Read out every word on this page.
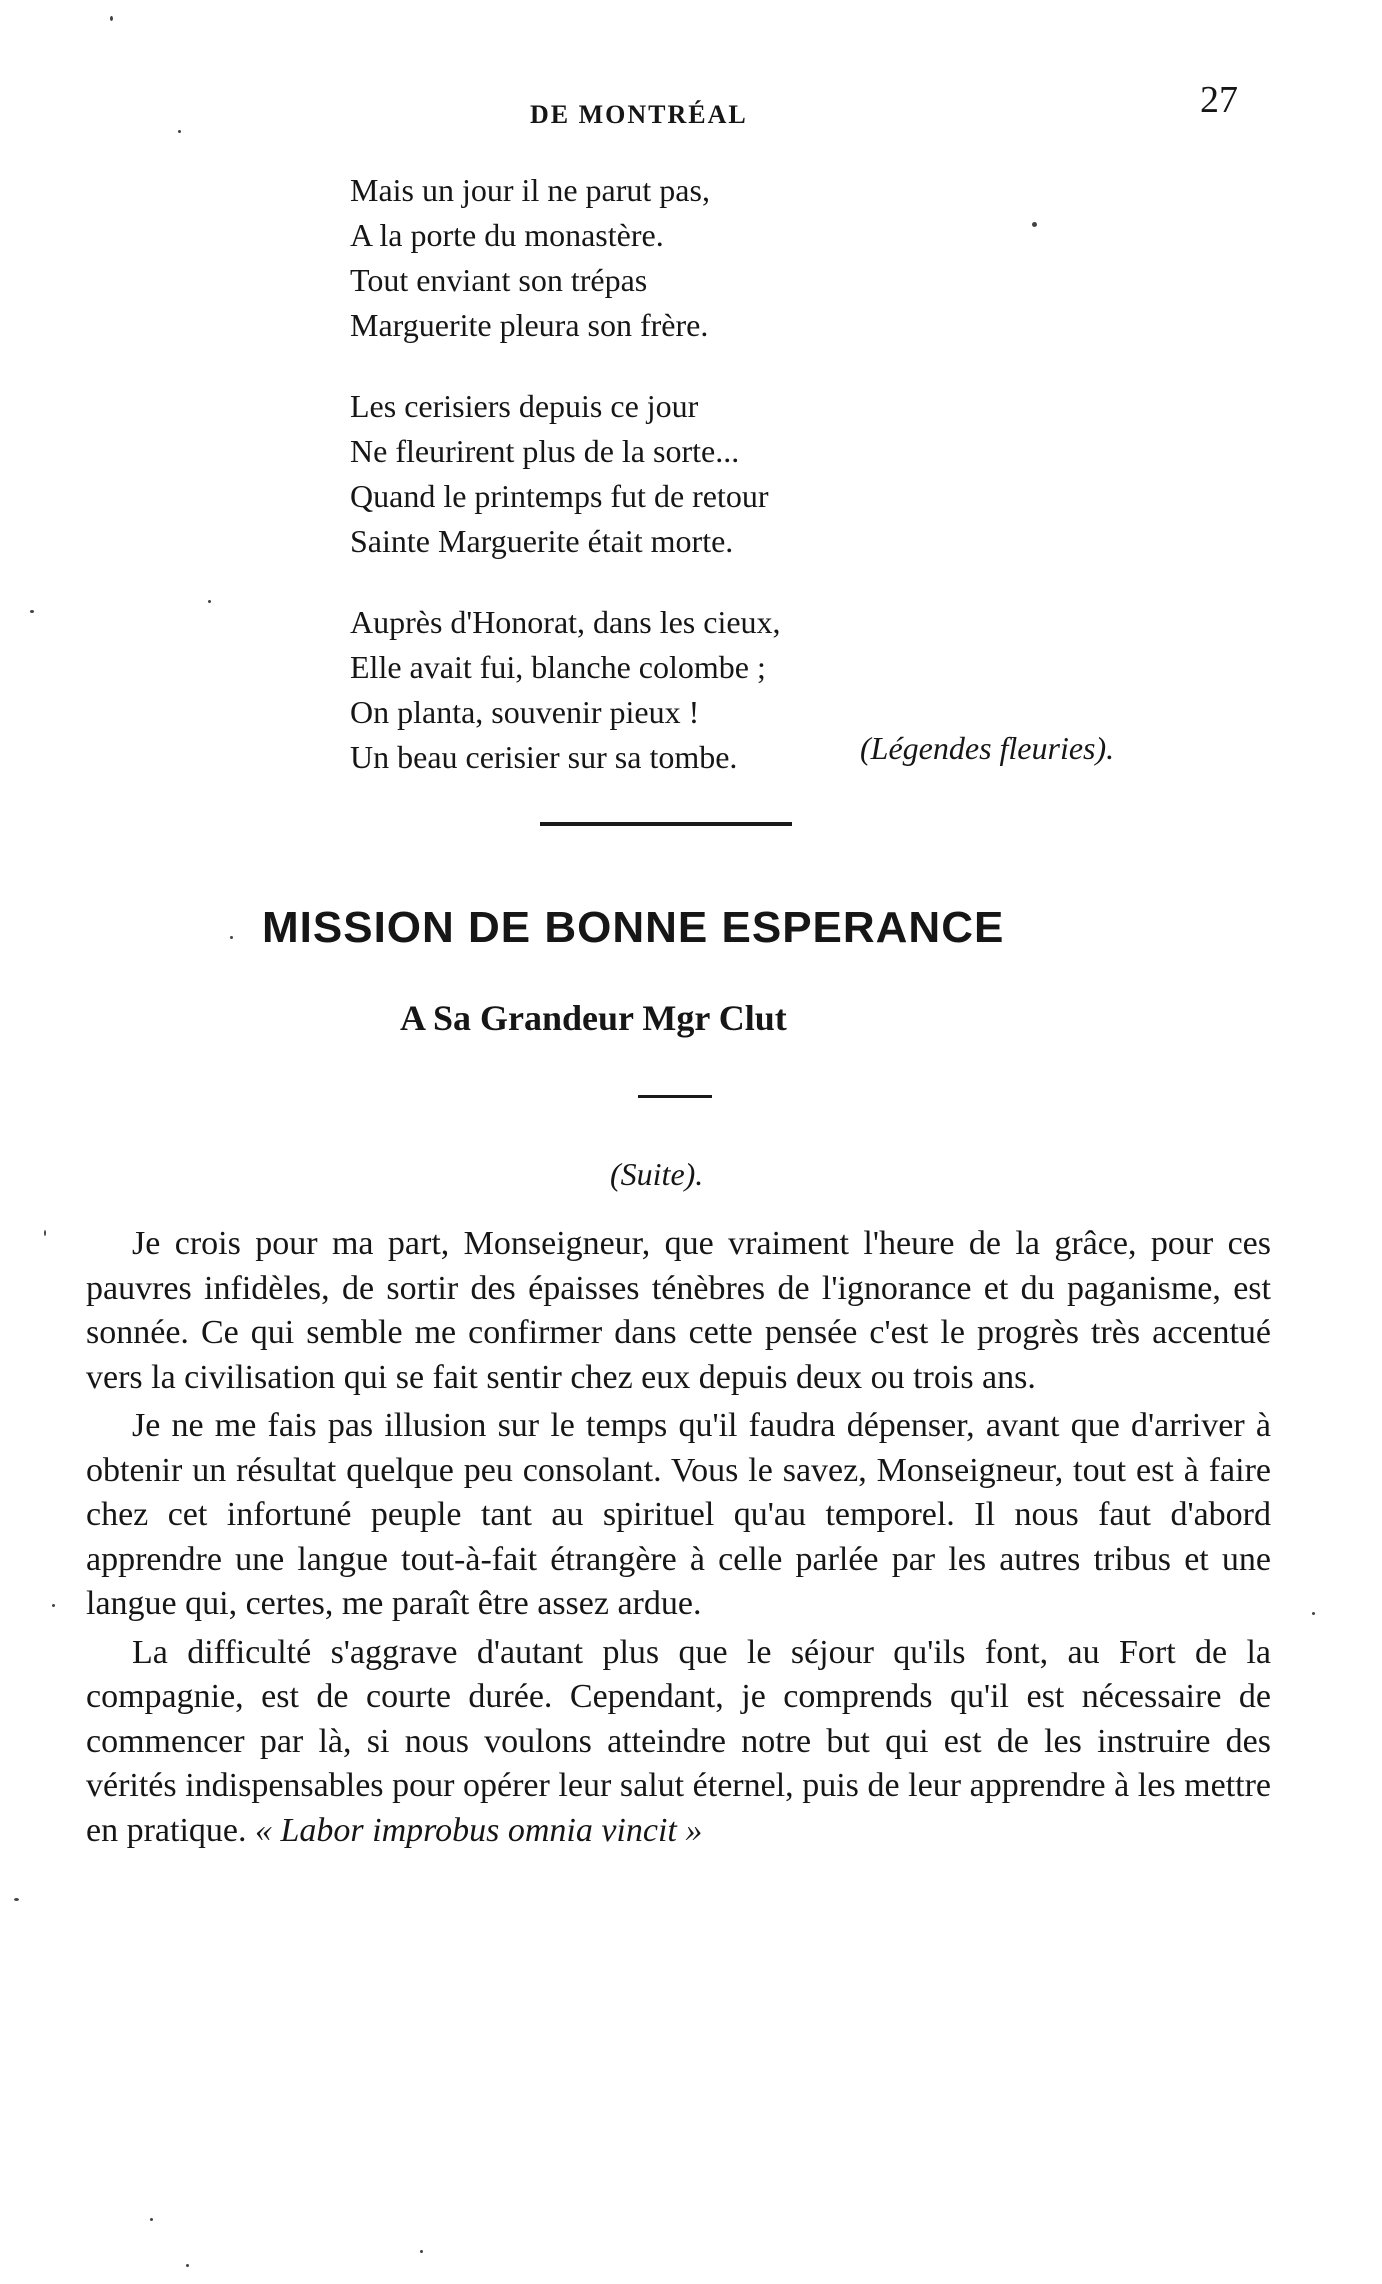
DE MONTRÉAL	27
Mais un jour il ne parut pas,
A la porte du monastère.
Tout enviant son trépas
Marguerite pleura son frère.
Les cerisiers depuis ce jour
Ne fleurirent plus de la sorte...
Quand le printemps fut de retour
Sainte Marguerite était morte.
Auprès d'Honorat, dans les cieux,
Elle avait fui, blanche colombe ;
On planta, souvenir pieux !
Un beau cerisier sur sa tombe.	(Légendes fleuries).
MISSION DE BONNE ESPERANCE
A Sa Grandeur Mgr Clut
(Suite).

Je crois pour ma part, Monseigneur, que vraiment l'heure de la grâce, pour ces pauvres infidèles, de sortir des épaisses ténèbres de l'ignorance et du paganisme, est sonnée. Ce qui semble me confirmer dans cette pensée c'est le progrès très accentué vers la civilisation qui se fait sentir chez eux depuis deux ou trois ans.

Je ne me fais pas illusion sur le temps qu'il faudra dépenser, avant que d'arriver à obtenir un résultat quelque peu consolant. Vous le savez, Monseigneur, tout est à faire chez cet infortuné peuple tant au spirituel qu'au temporel. Il nous faut d'abord apprendre une langue tout-à-fait étrangère à celle parlée par les autres tribus et une langue qui, certes, me paraît être assez ardue.

La difficulté s'aggrave d'autant plus que le séjour qu'ils font, au Fort de la compagnie, est de courte durée. Cependant, je comprends qu'il est nécessaire de commencer par là, si nous voulons atteindre notre but qui est de les instruire des vérités indispensables pour opérer leur salut éternel, puis de leur apprendre à les mettre en pratique. « Labor improbus omnia vincit »
